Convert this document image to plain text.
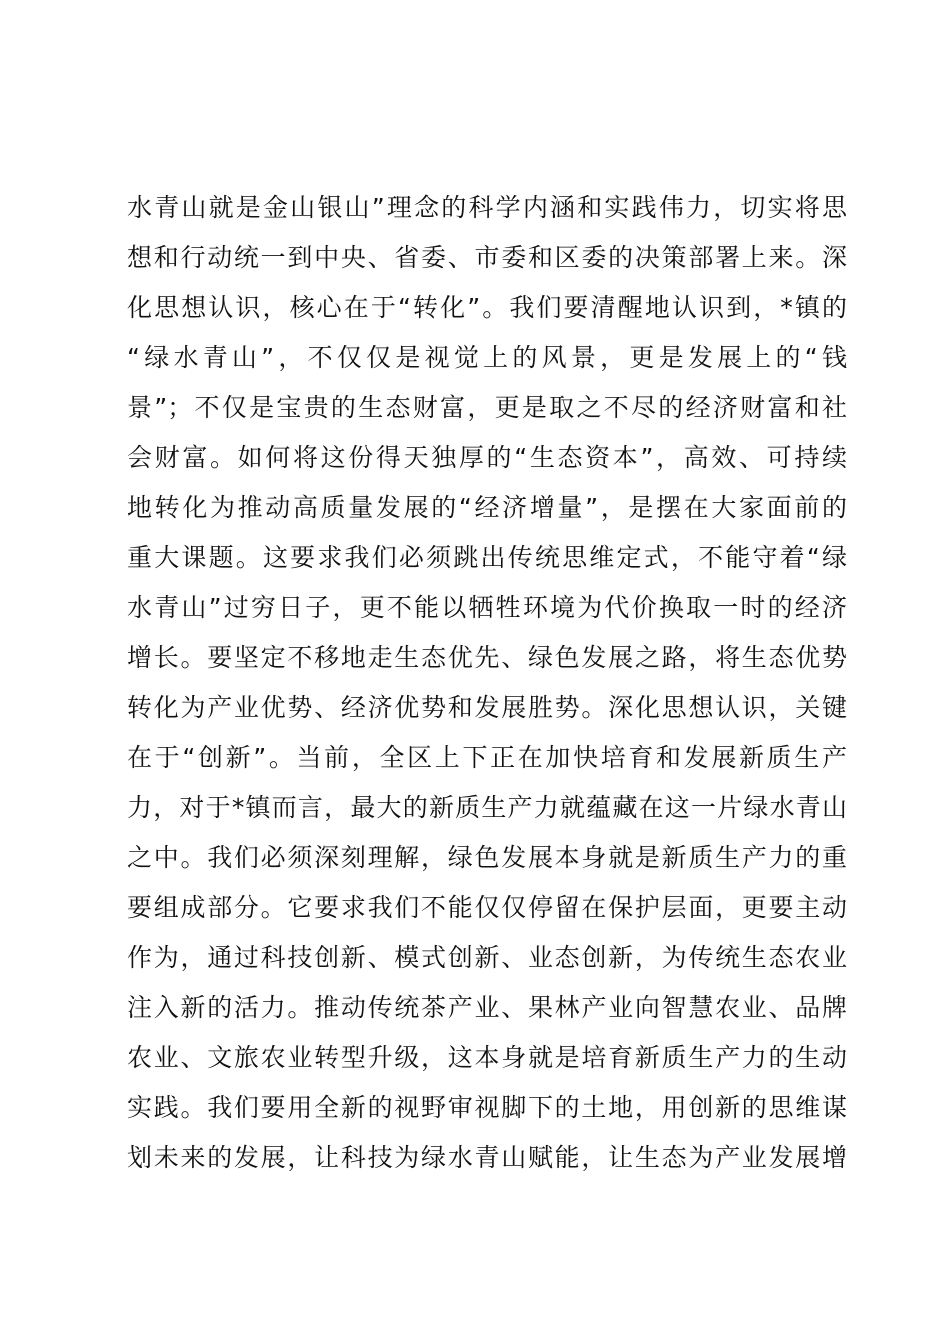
水青山就是金山银山”理念的科学内涵和实践伟力，切实将思
想和行动统一到中央、省委、市委和区委的决策部署上来。深
化思想认识，核心在于“转化”。我们要清醒地认识到，*镇的
“绿水青山”，不仅仅是视觉上的风景，更是发展上的“钱
景”；不仅是宝贵的生态财富，更是取之不尽的经济财富和社
会财富。如何将这份得天独厚的“生态资本”，高效、可持续
地转化为推动高质量发展的“经济增量”，是摆在大家面前的
重大课题。这要求我们必须跳出传统思维定式，不能守着“绿
水青山”过穷日子，更不能以牺牲环境为代价换取一时的经济
增长。要坚定不移地走生态优先、绿色发展之路，将生态优势
转化为产业优势、经济优势和发展胜势。深化思想认识，关键
在于“创新”。当前，全区上下正在加快培育和发展新质生产
力，对于*镇而言，最大的新质生产力就蕴藏在这一片绿水青山
之中。我们必须深刻理解，绿色发展本身就是新质生产力的重
要组成部分。它要求我们不能仅仅停留在保护层面，更要主动
作为，通过科技创新、模式创新、业态创新，为传统生态农业
注入新的活力。推动传统茶产业、果林产业向智慧农业、品牌
农业、文旅农业转型升级，这本身就是培育新质生产力的生动
实践。我们要用全新的视野审视脚下的土地，用创新的思维谋
划未来的发展，让科技为绿水青山赋能，让生态为产业发展增
